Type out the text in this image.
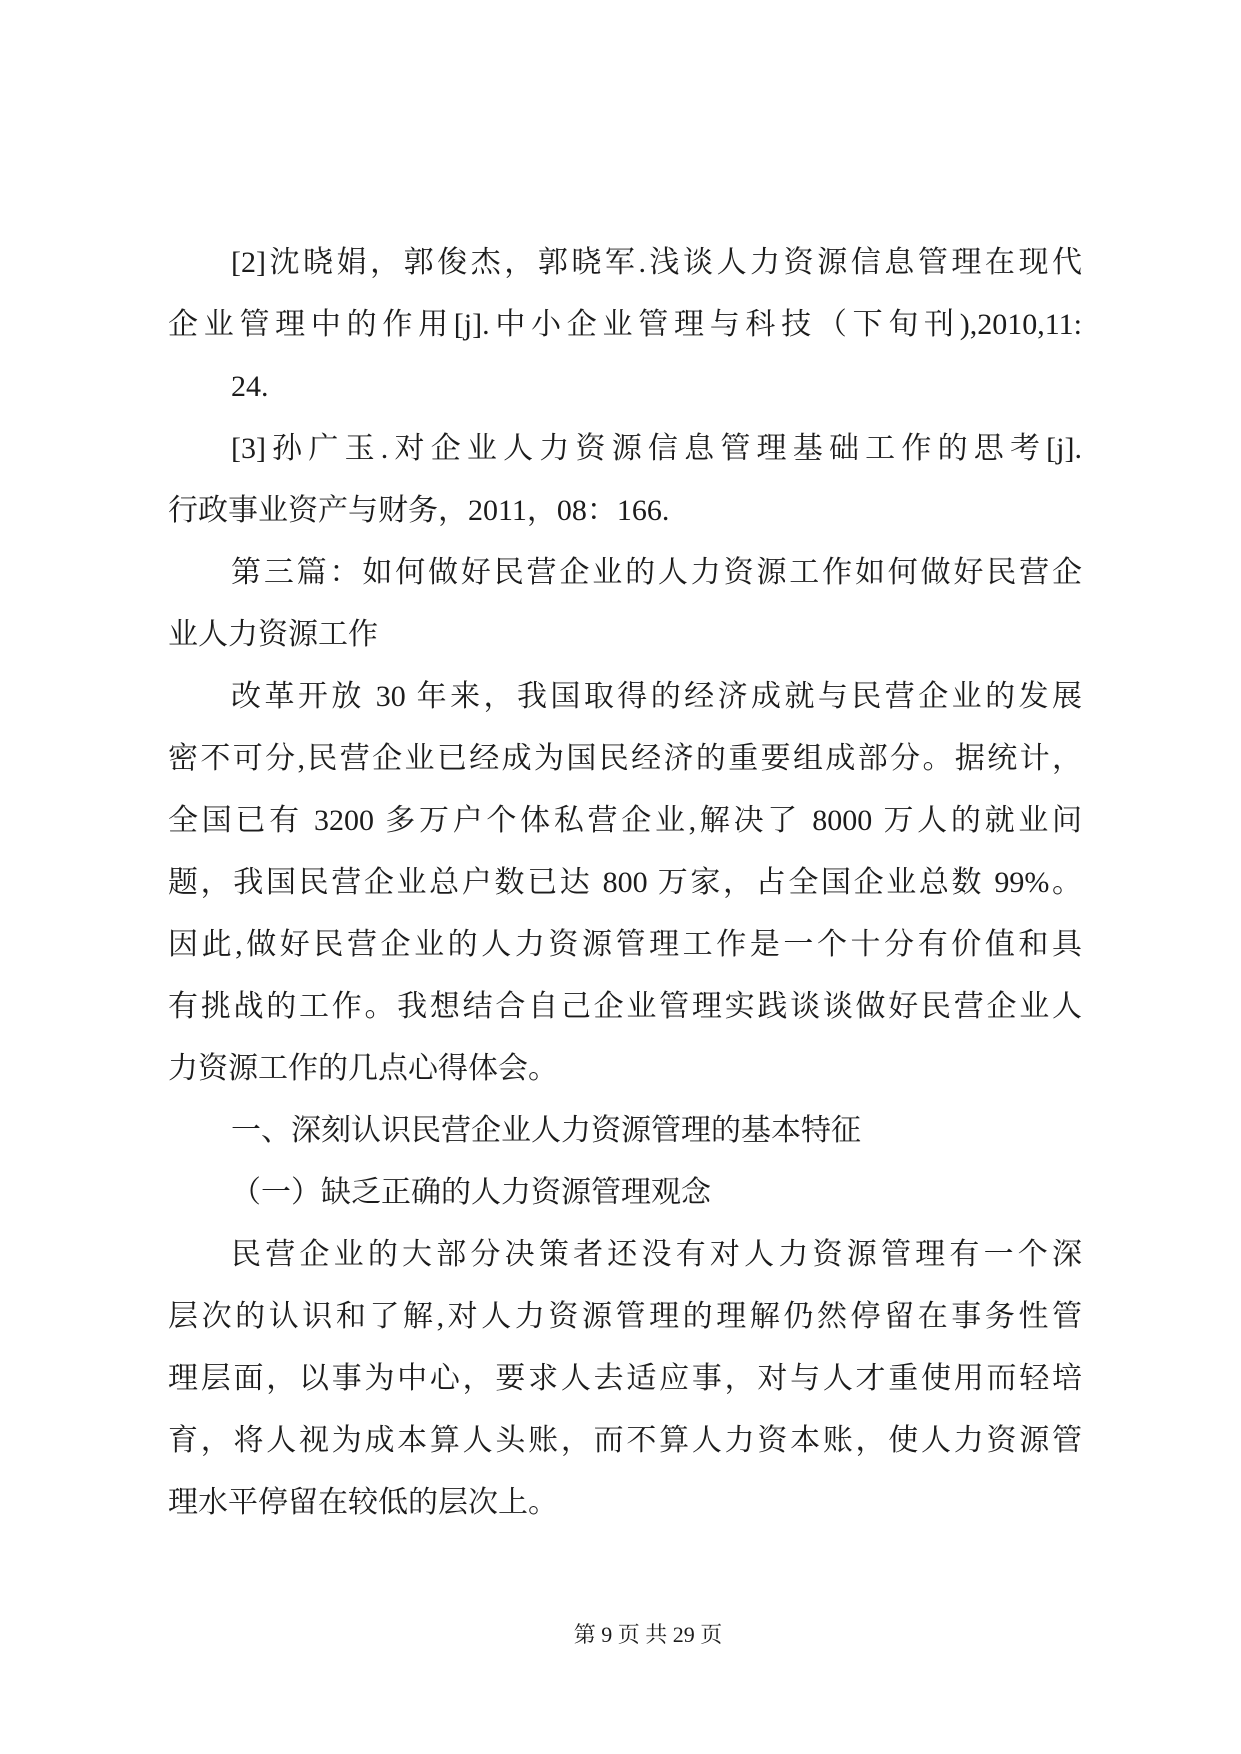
[2]沈晓娟，郭俊杰，郭晓军.浅谈人力资源信息管理在现代
企业管理中的作用[j].中小企业管理与科技（下旬刊),2010,11:
24.
[3]孙广玉.对企业人力资源信息管理基础工作的思考[j].
行政事业资产与财务，2011，08：166.
第三篇：如何做好民营企业的人力资源工作如何做好民营企
业人力资源工作
改革开放 30 年来，我国取得的经济成就与民营企业的发展
密不可分,民营企业已经成为国民经济的重要组成部分。据统计，
全国已有 3200 多万户个体私营企业,解决了 8000 万人的就业问
题，我国民营企业总户数已达 800 万家，占全国企业总数 99%。
因此,做好民营企业的人力资源管理工作是一个十分有价值和具
有挑战的工作。我想结合自己企业管理实践谈谈做好民营企业人
力资源工作的几点心得体会。
一、深刻认识民营企业人力资源管理的基本特征
（一）缺乏正确的人力资源管理观念
民营企业的大部分决策者还没有对人力资源管理有一个深
层次的认识和了解,对人力资源管理的理解仍然停留在事务性管
理层面，以事为中心，要求人去适应事，对与人才重使用而轻培
育，将人视为成本算人头账，而不算人力资本账，使人力资源管
理水平停留在较低的层次上。
第 9 页 共 29 页
